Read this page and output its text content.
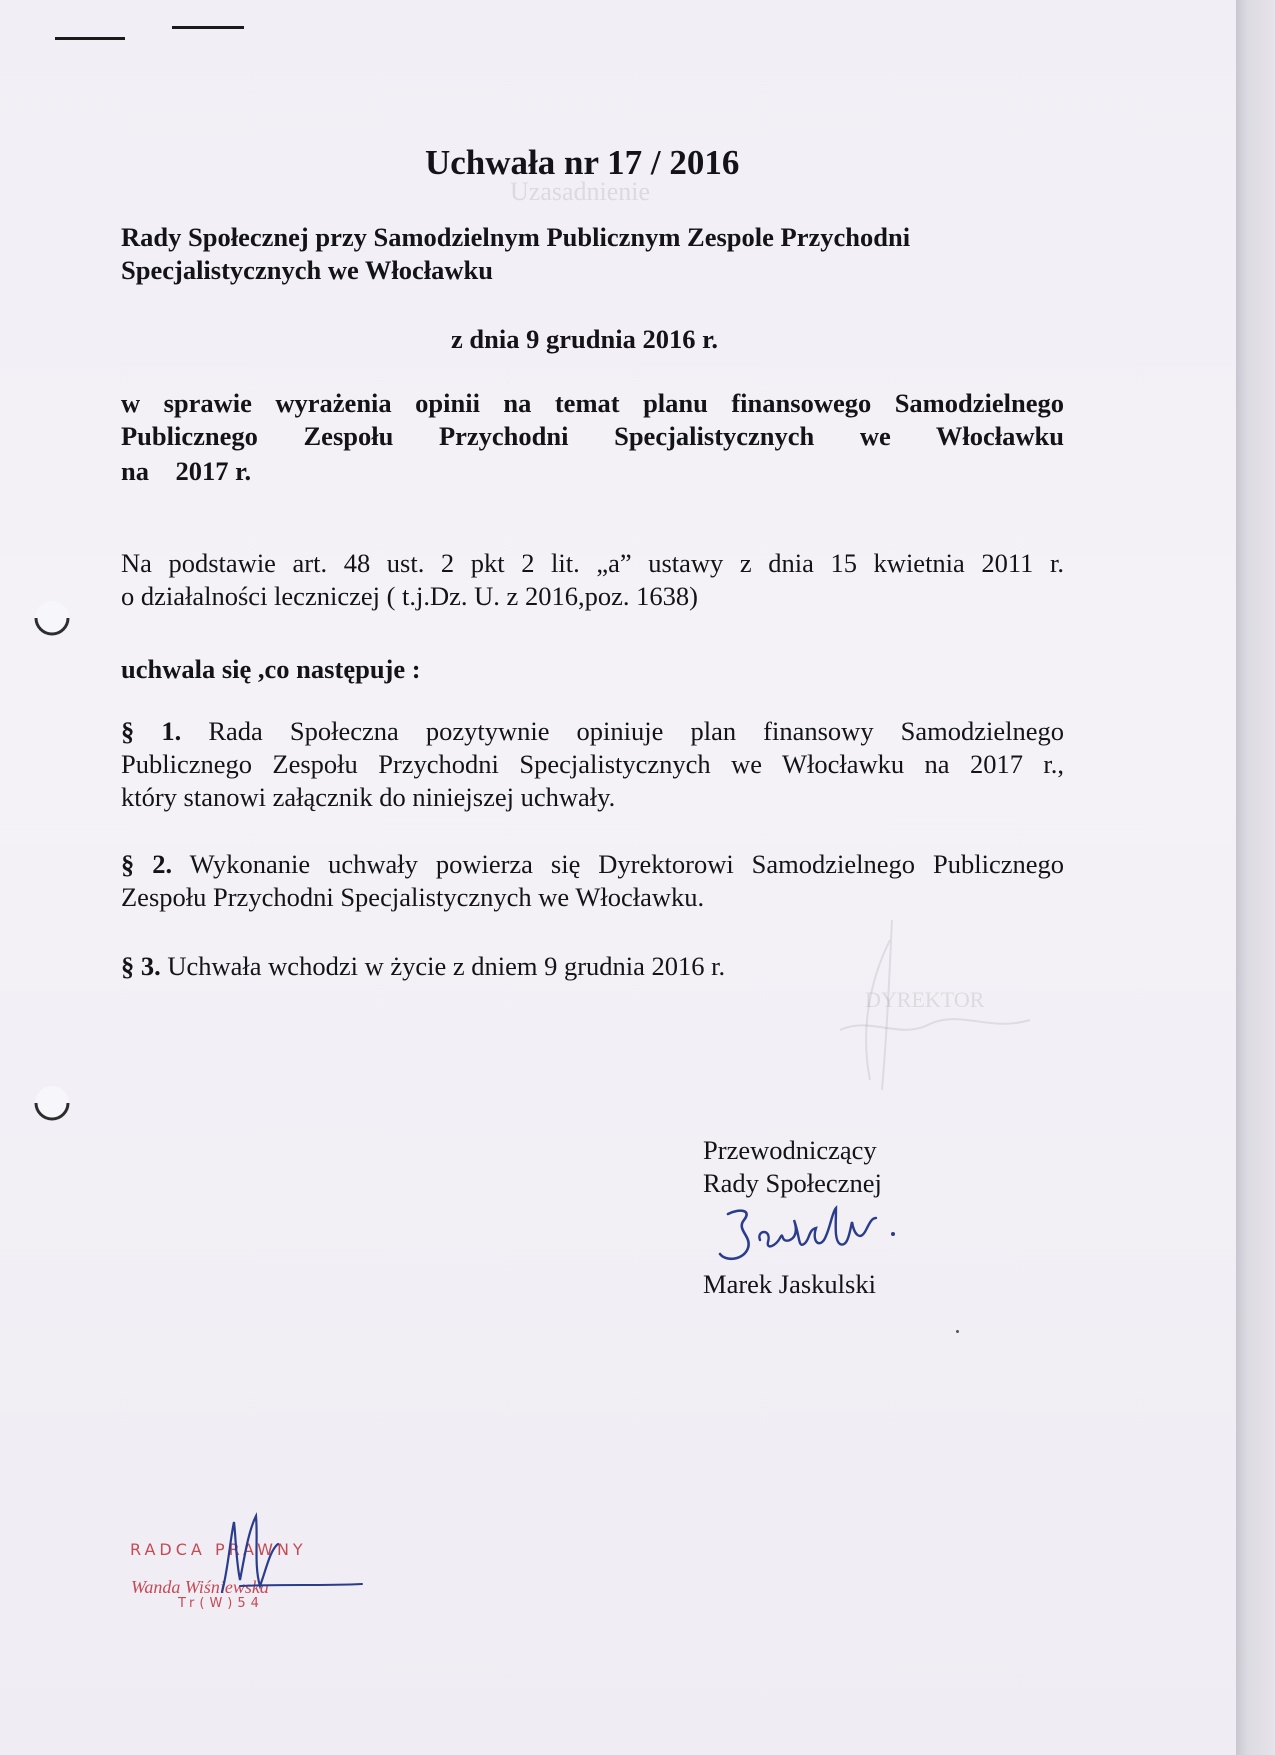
Uzasadnienie
DYREKTOR
Uchwała nr 17 / 2016
Rady Społecznej przy Samodzielnym Publicznym Zespole Przychodni
Specjalistycznych we Włocławku
z dnia 9 grudnia 2016 r.
w sprawie wyrażenia opinii na temat planu finansowego Samodzielnego
Publicznego Zespołu Przychodni Specjalistycznych we Włocławku
na    2017 r.
Na podstawie art. 48 ust. 2 pkt 2 lit. „a” ustawy z dnia 15 kwietnia 2011 r.
o działalności leczniczej ( t.j.Dz. U. z 2016,poz. 1638)
uchwala się ,co następuje :
§ 1. Rada Społeczna pozytywnie opiniuje plan finansowy Samodzielnego
Publicznego Zespołu Przychodni Specjalistycznych we Włocławku na 2017 r.,
który stanowi załącznik do niniejszej uchwały.
§ 2. Wykonanie uchwały powierza się Dyrektorowi Samodzielnego Publicznego
Zespołu Przychodni Specjalistycznych we Włocławku.
§ 3. Uchwała wchodzi w życie z dniem 9 grudnia 2016 r.
Przewodniczący
Rady Społecznej
Marek Jaskulski
RADCA PRAWNY
Wanda Wiśniewska
Tr(W)54
